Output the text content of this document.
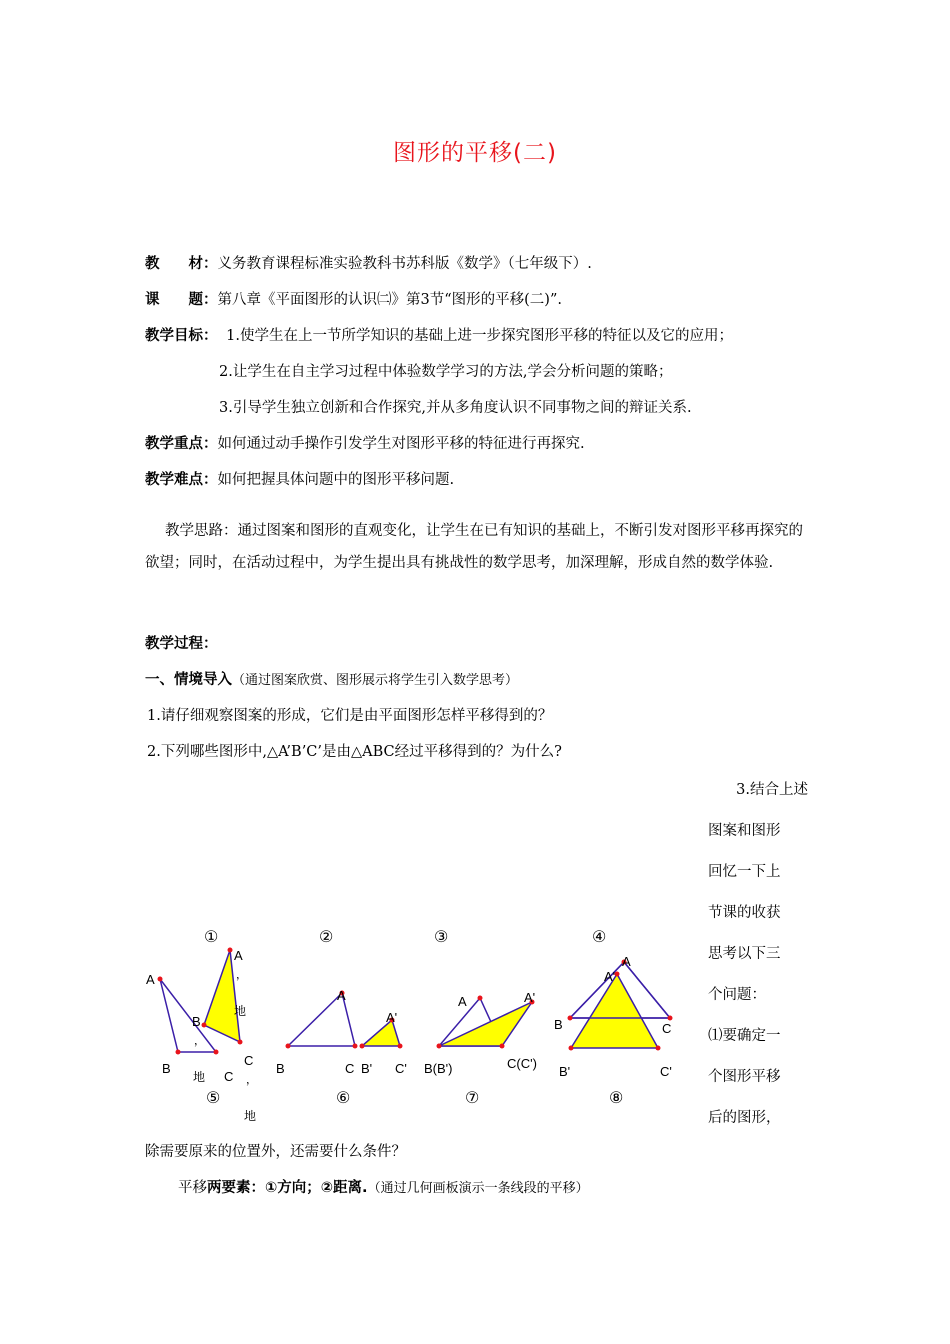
图形的平移(二)
教　　材：义务教育课程标准实验教科书苏科版《数学》（七年级下）.
课　　题：第八章《平面图形的认识㈡》第3节“图形的平移(二)”.
教学目标： 1.使学生在上一节所学知识的基础上进一步探究图形平移的特征以及它的应用；
2.让学生在自主学习过程中体验数学学习的方法,学会分析问题的策略；
3.引导学生独立创新和合作探究,并从多角度认识不同事物之间的辩证关系.
教学重点：如何通过动手操作引发学生对图形平移的特征进行再探究.
教学难点：如何把握具体问题中的图形平移问题.
教学思路：通过图案和图形的直观变化，让学生在已有知识的基础上，不断引发对图形平移再探究的欲望；同时，在活动过程中，为学生提出具有挑战性的数学思考，加深理解，形成自然的数学体验.
教学过程：
一、情境导入（通过图案欣赏、图形展示将学生引入数学思考）
1.请仔细观察图案的形成，它们是由平面图形怎样平移得到的？
2.下列哪些图形中,△A’B’C’是由△ABC经过平移得到的？为什么?
3.结合上述
图案和图形
回忆一下上
节课的收获
思考以下三
个问题：
⑴要确定一
个图形平移
后的图形，
①	②	③	④
A
A
，
地
B
，
B
C
C
，
地
地
A
A'
B	C B' C'
A	A'
B(B')	C(C')
A
A'
B	C
B'	C'
⑤	⑥	⑦	⑧
除需要原来的位置外，还需要什么条件？
平移两要素：①方向；②距离.（通过几何画板演示一条线段的平移）
